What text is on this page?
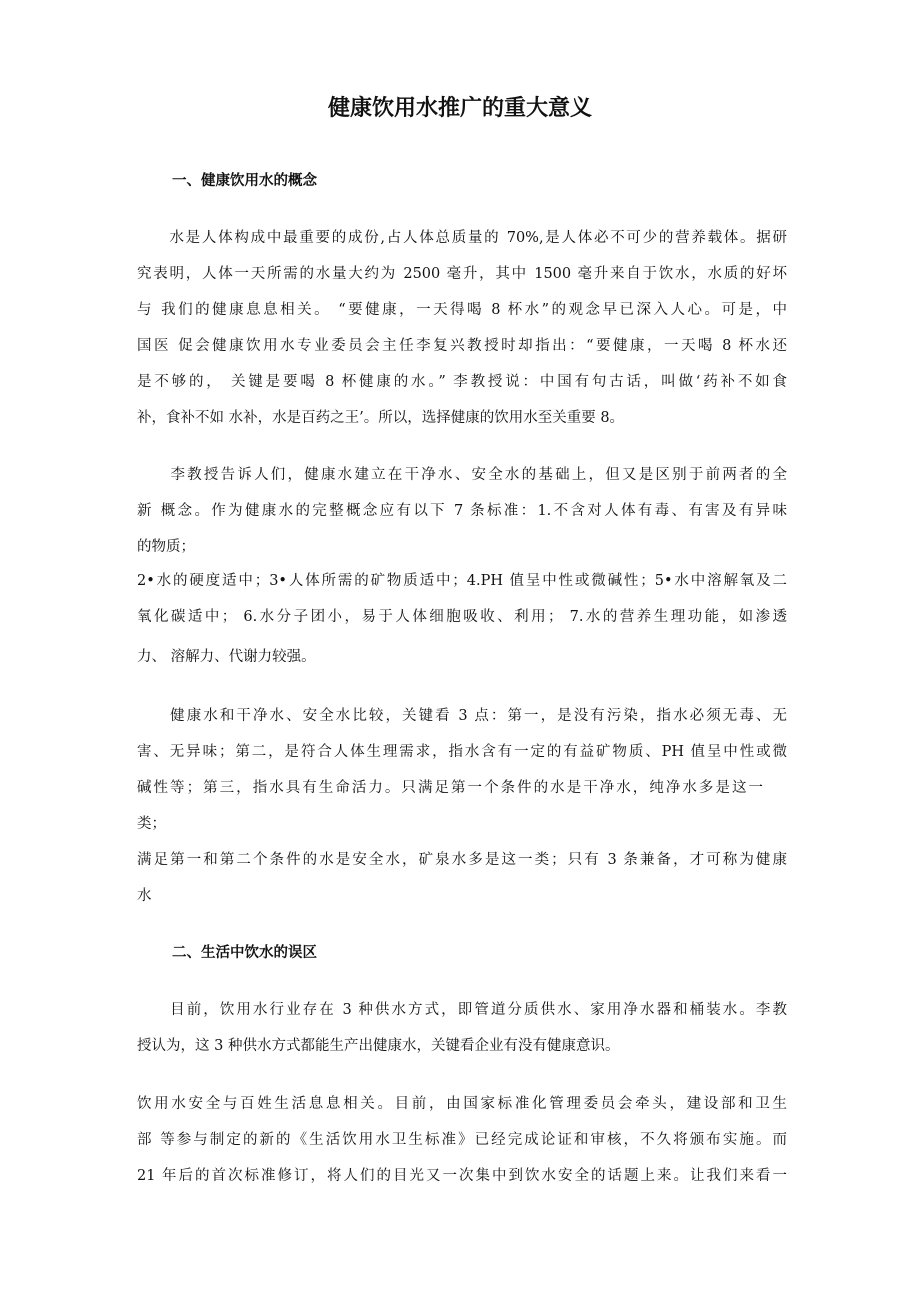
健康饮用水推广的重大意义
一、健康饮用水的概念

　　水是人体构成中最重要的成份,占人体总质量的 70%,是人体必不可少的营养载体。据研

究表明，人体一天所需的水量大约为 2500 毫升，其中 1500 毫升来自于饮水，水质的好坏

与 我们的健康息息相关。 “要健康，一天得喝 8 杯水”的观念早已深入人心。可是，中

国医 促会健康饮用水专业委员会主任李复兴教授时却指出：“要健康，一天喝 8 杯水还

是不够的， 关键是要喝 8 杯健康的水。” 李教授说：中国有句古话，叫做‘药补不如食

补，食补不如 水补，水是百药之王’。所以，选择健康的饮用水至关重要 8。

　　李教授告诉人们，健康水建立在干净水、安全水的基础上，但又是区别于前两者的全

新 概念。作为健康水的完整概念应有以下 7 条标准：1.不含对人体有毒、有害及有异味

的物质；

2•水的硬度适中；3•人体所需的矿物质适中；4.PH 值呈中性或微碱性；5•水中溶解氧及二

氧化碳适中； 6.水分子团小，易于人体细胞吸收、利用； 7.水的营养生理功能，如渗透

力、 溶解力、代谢力较强。

　　健康水和干净水、安全水比较，关键看 3 点：第一，是没有污染，指水必须无毒、无

害、无异味；第二，是符合人体生理需求，指水含有一定的有益矿物质、PH 值呈中性或微

碱性等；第三，指水具有生命活力。只满足第一个条件的水是干净水，纯净水多是这一

类；

满足第一和第二个条件的水是安全水，矿泉水多是这一类；只有 3 条兼备，才可称为健康

水

二、生活中饮水的误区

　　目前，饮用水行业存在 3 种供水方式，即管道分质供水、家用净水器和桶装水。李教

授认为，这 3 种供水方式都能生产出健康水，关键看企业有没有健康意识。

饮用水安全与百姓生活息息相关。目前，由国家标准化管理委员会牵头，建设部和卫生

部 等参与制定的新的《生活饮用水卫生标准》已经完成论证和审核，不久将颁布实施。而

21 年后的首次标准修订，将人们的目光又一次集中到饮水安全的话题上来。让我们来看一
